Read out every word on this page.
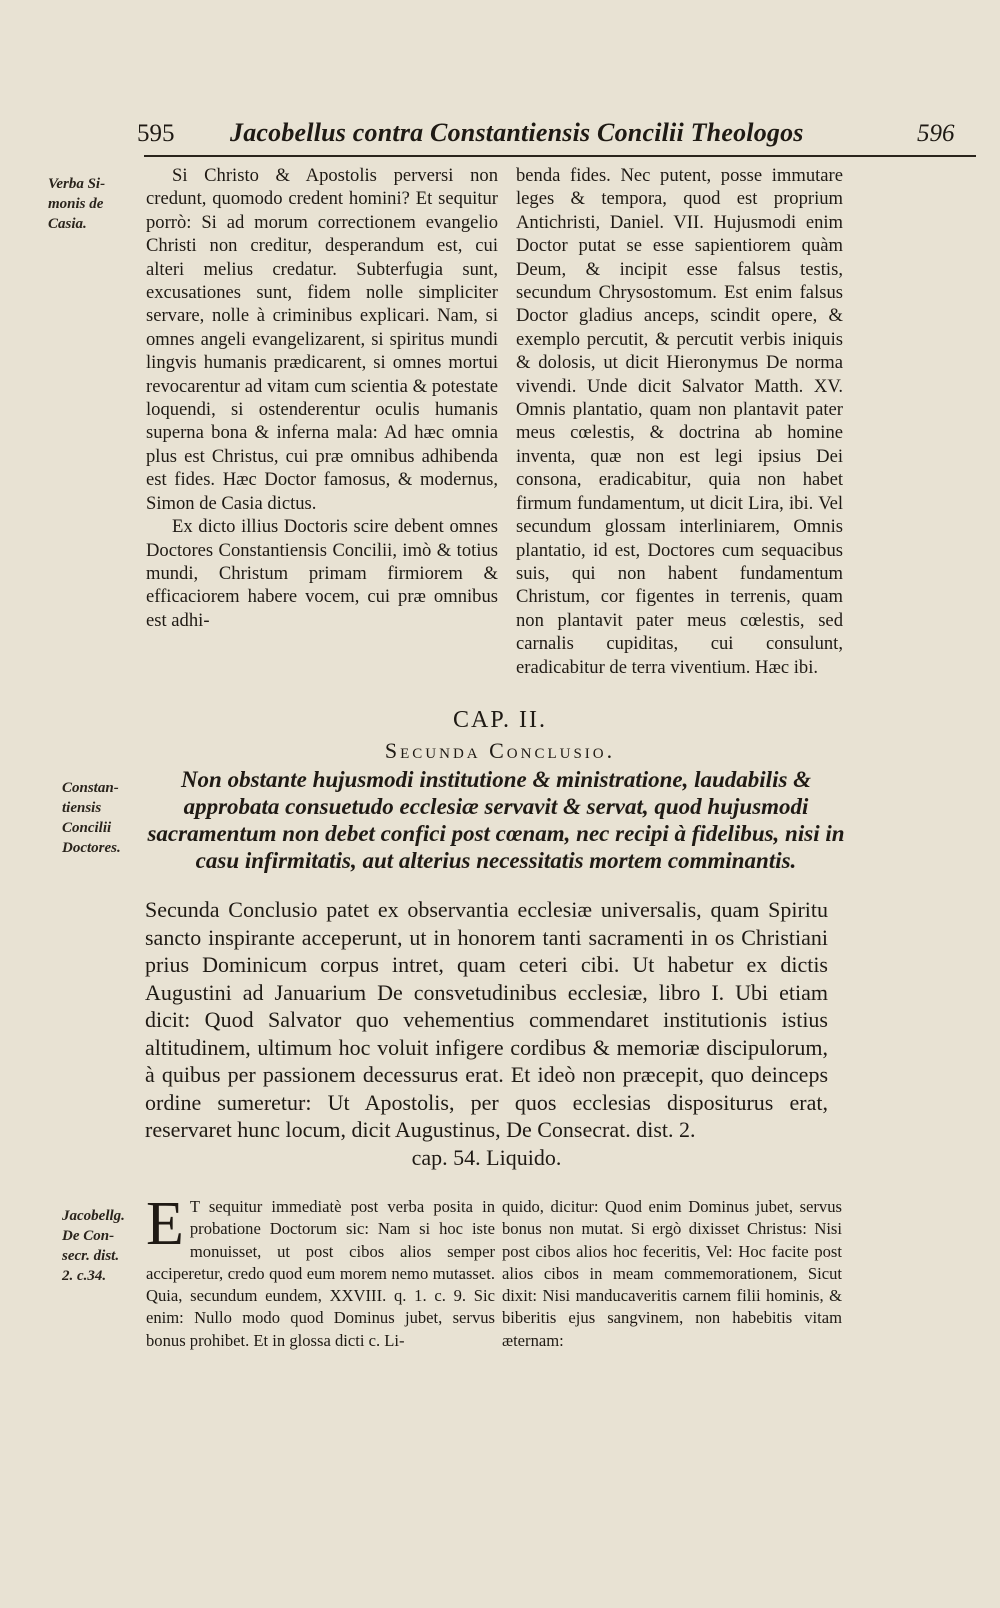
595 Jacobellus contra Constantiensis Concilii Theologos	596
Verba Si-
monis de
Casia.

Si Christo & Apostolis perversi non credunt, quomodo credent homini? Et sequitur porrò: Si ad morum correctionem evangelio Christi non creditur, desperandum est, cui alteri melius credatur. Subterfugia sunt, excusationes sunt, fidem nolle simpliciter servare, nolle à criminibus explicari. Nam, si omnes angeli evangelizarent, si spiritus mundi lingvis humanis prædicarent, si omnes mortui revocarentur ad vitam cum scientia & potestate loquendi, si ostenderentur oculis humanis superna bona & inferna mala: Ad hæc omnia plus est Christus, cui præ omnibus adhibenda est fides. Hæc Doctor famosus, & modernus, Simon de Casia dictus.

Ex dicto illius Doctoris scire debent omnes Doctores Constantiensis Concilii, imò & totius mundi, Christum primam firmiorem & efficaciorem habere vocem, cui præ omnibus est adhi-

benda fides. Nec putent, posse immutare leges & tempora, quod est proprium Antichristi, Daniel. VII. Hujusmodi enim Doctor putat se esse sapientiorem quàm Deum, & incipit esse falsus testis, secundum Chrysostomum. Est enim falsus Doctor gladius anceps, scindit opere, & exemplo percutit, & percutit verbis iniquis & dolosis, ut dicit Hieronymus De norma vivendi. Unde dicit Salvator Matth. XV. Omnis plantatio, quam non plantavit pater meus cœlestis, & doctrina ab homine inventa, quæ non est legi ipsius Dei consona, eradicabitur, quia non habet firmum fundamentum, ut dicit Lira, ibi. Vel secundum glossam interliniarem, Omnis plantatio, id est, Doctores cum sequacibus suis, qui non habent fundamentum Christum, cor figentes in terrenis, quam non plantavit pater meus cœlestis, sed carnalis cupiditas, cui consulunt, eradicabitur de terra viventium. Hæc ibi.

CAP. II.
Secunda Conclusio.
Constan-
tiensis
Concilii
Doctores.
Non obstante hujusmodi institutione & ministratione, laudabilis & approbata consuetudo ecclesiæ servavit & servat, quod hujusmodi sacramentum non debet confici post cœnam, nec recipi à fidelibus, nisi in casu infirmitatis, aut alterius necessitatis mortem comminantis.
Secunda Conclusio patet ex observantia ecclesiæ universalis, quam Spiritu sancto inspirante acceperunt, ut in honorem tanti sacramenti in os Christiani prius Dominicum corpus intret, quam ceteri cibi. Ut habetur ex dictis Augustini ad Januarium De consvetudinibus ecclesiæ, libro I. Ubi etiam dicit: Quod Salvator quo vehementius commendaret institutionis istius altitudinem, ultimum hoc voluit infigere cordibus & memoriæ discipulorum, à quibus per passionem decessurus erat. Et ideò non præcepit, quo deinceps ordine sumeretur: Ut Apostolis, per quos ecclesias dispositurus erat, reservaret hunc locum, dicit Augustinus, De Consecrat. dist. 2.
cap. 54. Liquido.
Jacobellg.
De Con-
secr. dist.
2. c.34.
E T sequitur immediatè post verba posita in probatione Doctorum sic: Nam si hoc iste monuisset, ut post cibos alios semper acciperetur, credo quod eum morem nemo mutasset. Quia, secundum eundem, XXVIII. q. 1. c. 9. Sic enim: Nullo modo quod Dominus jubet, servus bonus prohibet. Et in glossa dicti c. Li-
quido, dicitur: Quod enim Dominus jubet, servus bonus non mutat. Si ergò dixisset Christus: Nisi post cibos alios hoc feceritis, Vel: Hoc facite post alios cibos in meam commemorationem, Sicut dixit: Nisi manducaveritis carnem filii hominis, & biberitis ejus sangvinem, non habebitis vitam æternam:
